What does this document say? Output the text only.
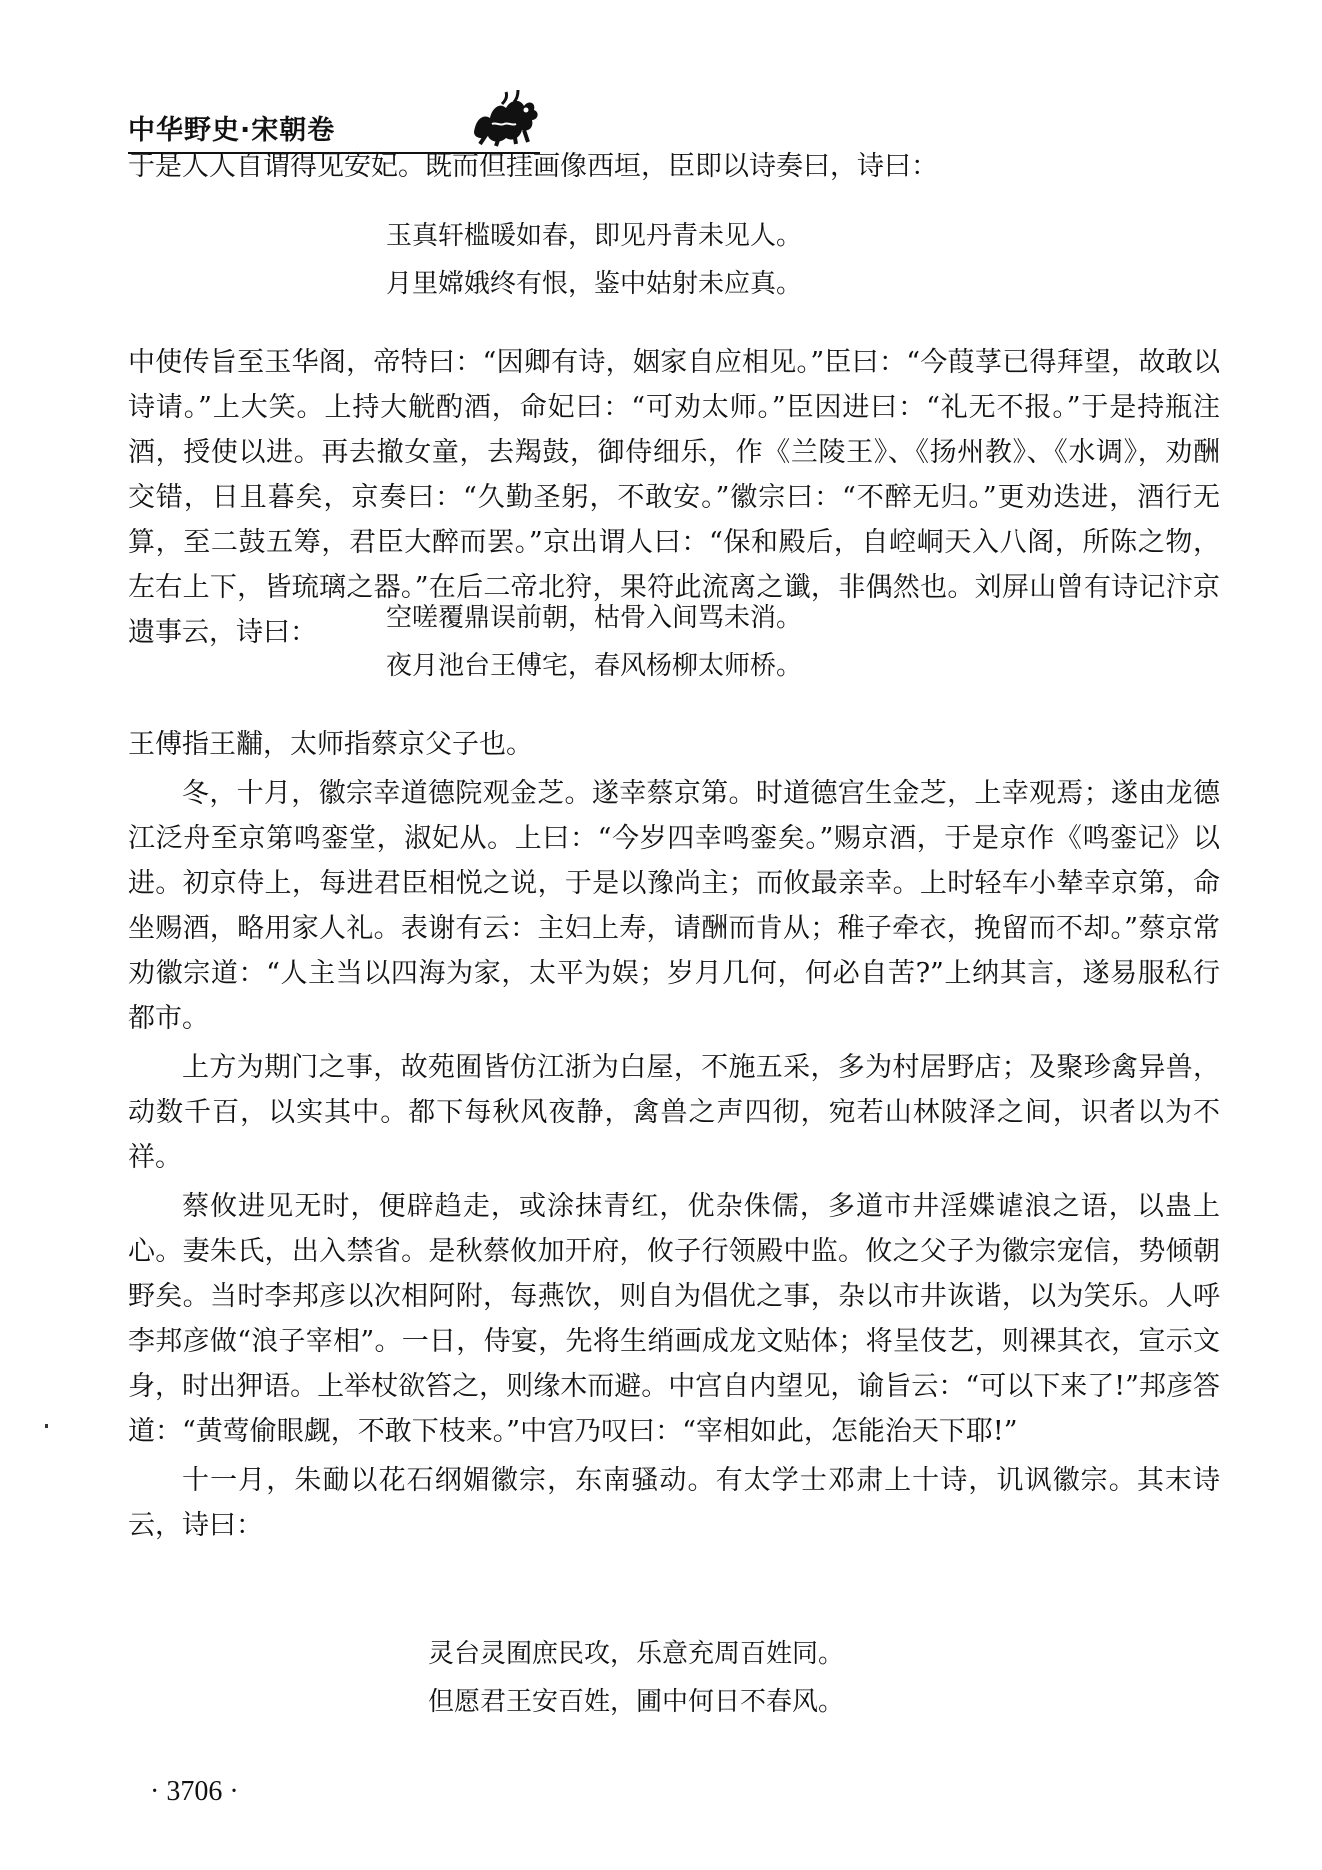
中华野史·宋朝卷

于是人人自谓得见安妃。既而但挂画像西垣，臣即以诗奏曰，诗曰：

玉真轩槛暖如春，即见丹青未见人。
月里嫦娥终有恨，鉴中姑射未应真。

中使传旨至玉华阁，帝特曰：“因卿有诗，姻家自应相见。”臣曰：“今葭莩已得拜望，故敢以诗请。”上大笑。上持大觥酌酒，命妃曰：“可劝太师。”臣因进曰：“礼无不报。”于是持瓶注酒，授使以进。再去撤女童，去羯鼓，御侍细乐，作《兰陵王》、《扬州教》、《水调》，劝酬交错，日且暮矣，京奏曰：“久勤圣躬，不敢安。”徽宗曰：“不醉无归。”更劝迭进，酒行无算，至二鼓五筹，君臣大醉而罢。”京出谓人曰：“保和殿后，自崆峒天入八阁，所陈之物，左右上下，皆琉璃之器。”在后二帝北狩，果符此流离之谶，非偶然也。刘屏山曾有诗记汴京遗事云，诗曰：	空嗟覆鼎误前朝，枯骨入间骂未消。
夜月池台王傅宅，春风杨柳太师桥。

王傅指王黼，太师指蔡京父子也。

冬，十月，徽宗幸道德院观金芝。遂幸蔡京第。时道德宫生金芝，上幸观焉；遂由龙德江泛舟至京第鸣銮堂，淑妃从。上曰：“今岁四幸鸣銮矣。”赐京酒，于是京作《鸣銮记》以进。初京侍上，每进君臣相悦之说，于是以豫尚主；而攸最亲幸。上时轻车小辇幸京第，命坐赐酒，略用家人礼。表谢有云：主妇上寿，请酬而肯从；稚子牵衣，挽留而不却。”蔡京常劝徽宗道：“人主当以四海为家，太平为娱；岁月几何，何必自苦?”上纳其言，遂易服私行都市。

上方为期门之事，故苑囿皆仿江浙为白屋，不施五采，多为村居野店；及聚珍禽异兽，动数千百，以实其中。都下每秋风夜静，禽兽之声四彻，宛若山林陂泽之间，识者以为不祥。

蔡攸进见无时，便辟趋走，或涂抹青红，优杂侏儒，多道市井淫媟谑浪之语，以蛊上心。妻朱氏，出入禁省。是秋蔡攸加开府，攸子行领殿中监。攸之父子为徽宗宠信，势倾朝野矣。当时李邦彦以次相阿附，每燕饮，则自为倡优之事，杂以市井诙谐，以为笑乐。人呼李邦彦做“浪子宰相”。一日，侍宴，先将生绡画成龙文贴体；将呈伎艺，则裸其衣，宣示文身，时出狎语。上举杖欲笞之，则缘木而避。中宫自内望见，谕旨云：“可以下来了!”邦彦答道：“黄莺偷眼觑，不敢下枝来。”中宫乃叹曰：“宰相如此，怎能治天下耶!”

十一月，朱勔以花石纲媚徽宗，东南骚动。有太学士邓肃上十诗，讥讽徽宗。其末诗云，诗曰：

灵台灵囿庶民攻，乐意充周百姓同。
但愿君王安百姓，圃中何日不春风。
· 3706 ·
